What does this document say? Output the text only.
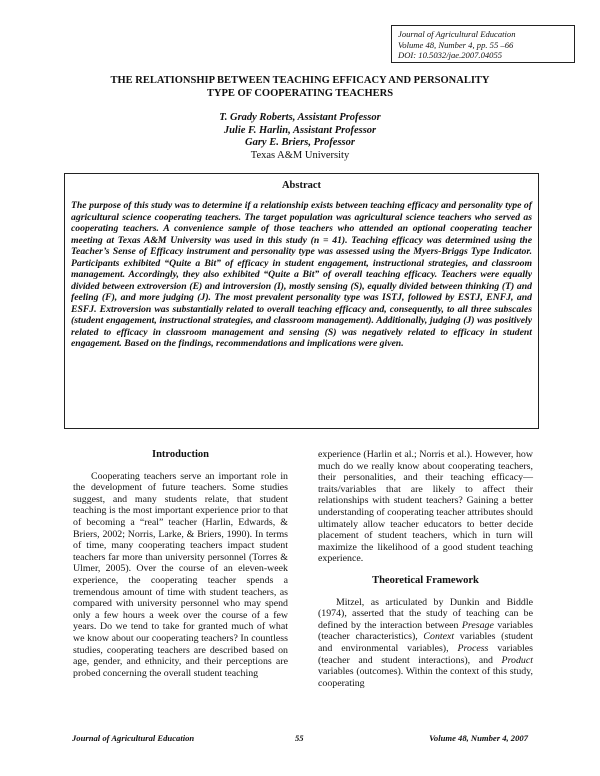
Journal of Agricultural Education
Volume 48, Number 4, pp. 55 –66
DOI: 10.5032/jae.2007.04055
THE RELATIONSHIP BETWEEN TEACHING EFFICACY AND PERSONALITY
TYPE OF COOPERATING TEACHERS
T. Grady Roberts, Assistant Professor
Julie F. Harlin, Assistant Professor
Gary E. Briers, Professor
Texas A&M University
Abstract

The purpose of this study was to determine if a relationship exists between teaching efficacy and personality type of agricultural science cooperating teachers. The target population was agricultural science teachers who served as cooperating teachers. A convenience sample of those teachers who attended an optional cooperating teacher meeting at Texas A&M University was used in this study (n = 41). Teaching efficacy was determined using the Teacher’s Sense of Efficacy instrument and personality type was assessed using the Myers-Briggs Type Indicator. Participants exhibited “Quite a Bit” of efficacy in student engagement, instructional strategies, and classroom management. Accordingly, they also exhibited “Quite a Bit” of overall teaching efficacy. Teachers were equally divided between extroversion (E) and introversion (I), mostly sensing (S), equally divided between thinking (T) and feeling (F), and more judging (J). The most prevalent personality type was ISTJ, followed by ESTJ, ENFJ, and ESFJ. Extroversion was substantially related to overall teaching efficacy and, consequently, to all three subscales (student engagement, instructional strategies, and classroom management). Additionally, judging (J) was positively related to efficacy in classroom management and sensing (S) was negatively related to efficacy in student engagement. Based on the findings, recommendations and implications were given.

Introduction

Cooperating teachers serve an important role in the development of future teachers. Some studies suggest, and many students relate, that student teaching is the most important experience prior to that of becoming a “real” teacher (Harlin, Edwards, & Briers, 2002; Norris, Larke, & Briers, 1990). In terms of time, many cooperating teachers impact student teachers far more than university personnel (Torres & Ulmer, 2005). Over the course of an eleven-week experience, the cooperating teacher spends a tremendous amount of time with student teachers, as compared with university personnel who may spend only a few hours a week over the course of a few years. Do we tend to take for granted much of what we know about our cooperating teachers? In countless studies, cooperating teachers are described based on age, gender, and ethnicity, and their perceptions are probed concerning the overall student teaching

experience (Harlin et al.; Norris et al.). However, how much do we really know about cooperating teachers, their personalities, and their teaching efficacy—traits/variables that are likely to affect their relationships with student teachers? Gaining a better understanding of cooperating teacher attributes should ultimately allow teacher educators to better decide placement of student teachers, which in turn will maximize the likelihood of a good student teaching experience.

Theoretical Framework

Mitzel, as articulated by Dunkin and Biddle (1974), asserted that the study of teaching can be defined by the interaction between Presage variables (teacher characteristics), Context variables (student and environmental variables), Process variables (teacher and student interactions), and Product variables (outcomes). Within the context of this study, cooperating

Journal of Agricultural Education	55	Volume 48, Number 4, 2007
